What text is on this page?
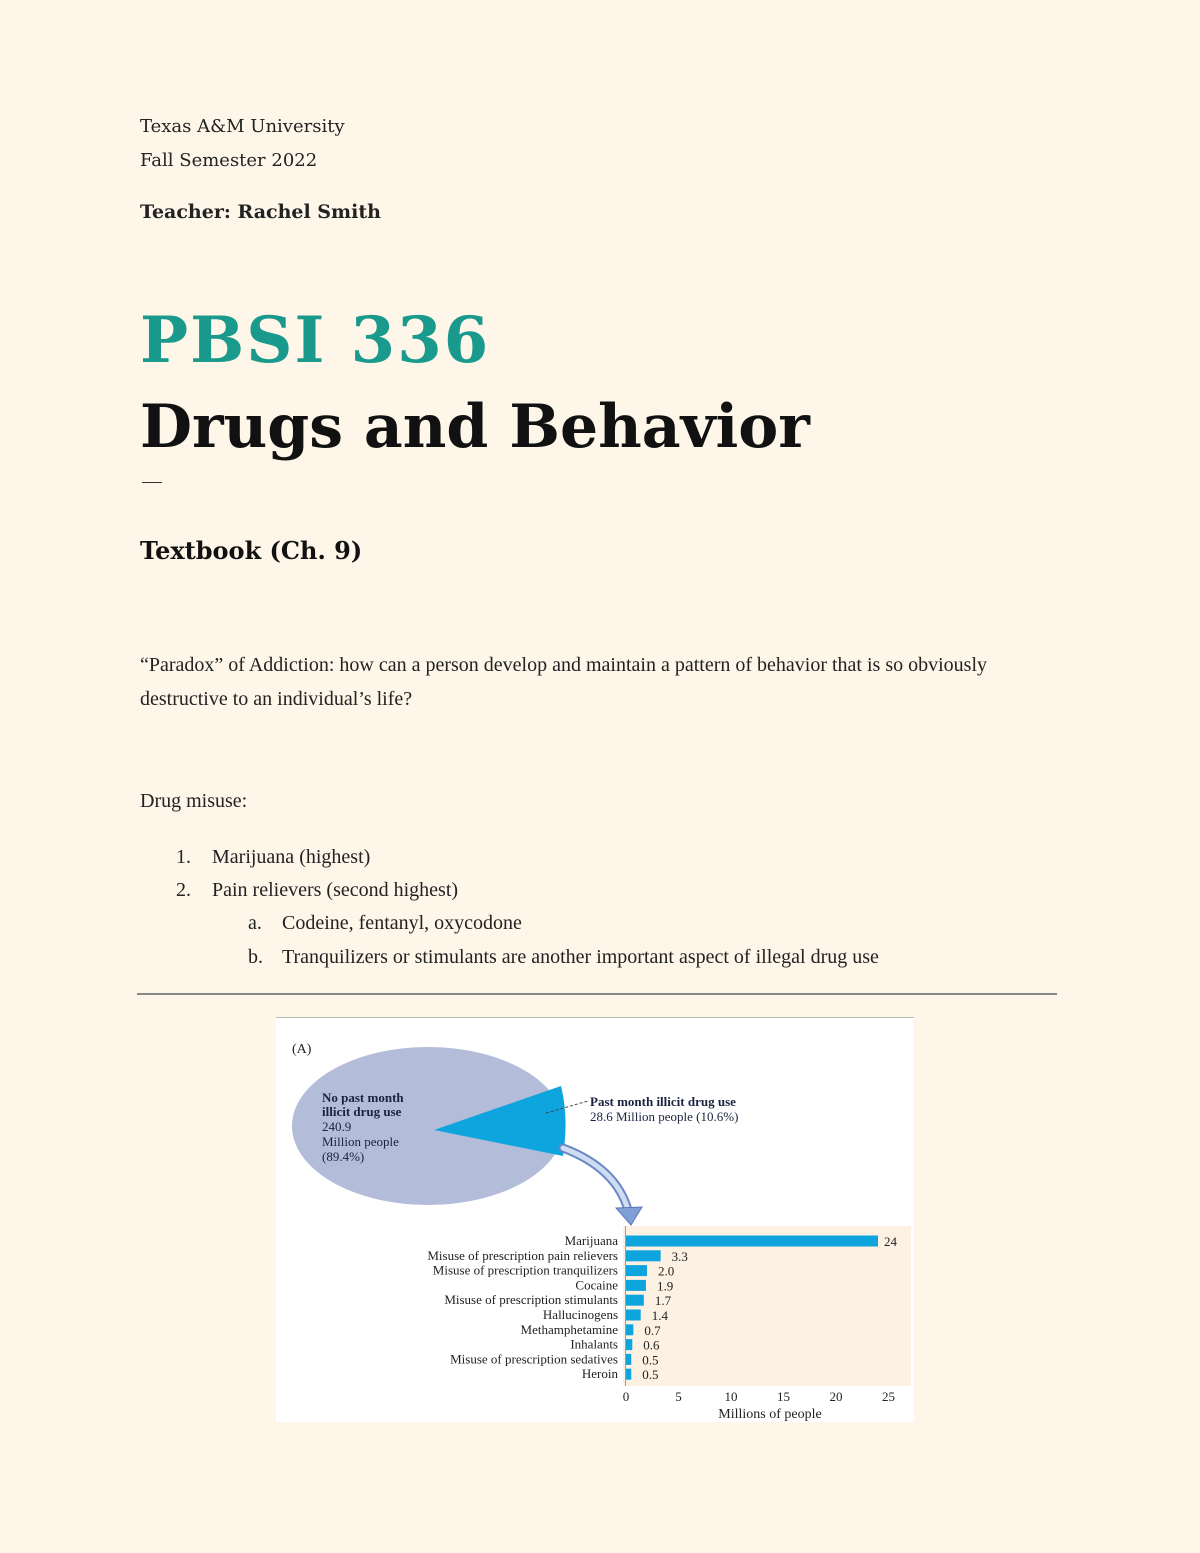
Texas A&M University
Fall Semester 2022
Teacher: Rachel Smith
PBSI 336
Drugs and Behavior
Textbook (Ch. 9)
“Paradox” of Addiction: how can a person develop and maintain a pattern of behavior that is so obviously destructive to an individual’s life?
Drug misuse:
1. Marijuana (highest)
2. Pain relievers (second highest)
a. Codeine, fentanyl, oxycodone
b. Tranquilizers or stimulants are another important aspect of illegal drug use
(A)
No past month
illicit drug use
240.9
Million people
(89.4%)
Past month illicit drug use
28.6 Million people (10.6%)
Marijuana
Misuse of prescription pain relievers
Misuse of prescription tranquilizers
Cocaine
Misuse of prescription stimulants
Hallucinogens
Methamphetamine
Inhalants
Misuse of prescription sedatives
Heroin
24
3.3
2.0
1.9
1.7
1.4
0.7
0.6
0.5
0.5
0	5	10	15	20	25
Millions of people
